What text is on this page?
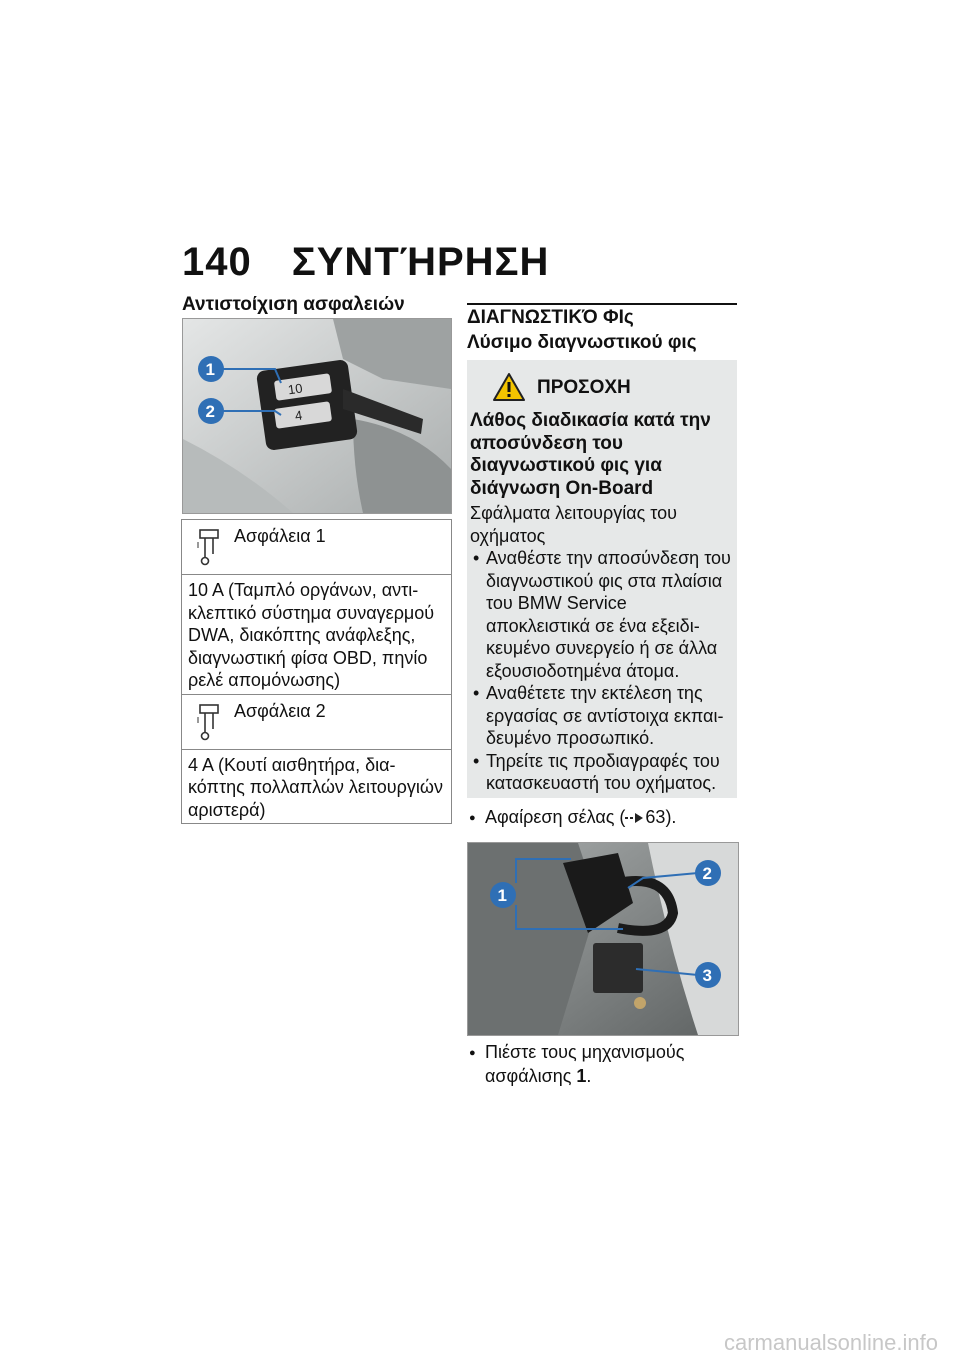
140 ΣΥΝΤΉΡΗΣΗ
Αντιστοίχιση ασφαλειών
10
4
1
2
Ασφάλεια 1
10 A (Ταμπλό οργάνων, αντι-κλεπτικό σύστημα συναγερμού DWA, διακόπτης ανάφλεξης, διαγνωστική φίσα OBD, πηνίο ρελέ απομόνωσης)
Ασφάλεια 2
4 A (Κουτί αισθητήρα, δια-κόπτης πολλαπλών λειτουργιών αριστερά)
ΔΙΑΓΝΩΣΤΙΚΌ ΦΙς
Λύσιμο διαγνωστικού φις
ΠΡΟΣΟΧΗ
Λάθος διαδικασία κατά την αποσύνδεση του διαγνωστικού φις για διάγνωση On-Board
Σφάλματα λειτουργίας του οχήματος
• Αναθέστε την αποσύνδεση του διαγνωστικού φις στα πλαίσια του BMW Service αποκλειστικά σε ένα εξειδι-κευμένο συνεργείο ή σε άλλα εξουσιοδοτημένα άτομα.
• Αναθέτετε την εκτέλεση της εργασίας σε αντίστοιχα εκπαι-δευμένο προσωπικό.
• Τηρείτε τις προδιαγραφές του κατασκευαστή του οχήματος.
● Αφαίρεση σέλας ( 63).
1
2
3
● Πιέστε τους μηχανισμούς ασφάλισης 1.
carmanualsonline.info
